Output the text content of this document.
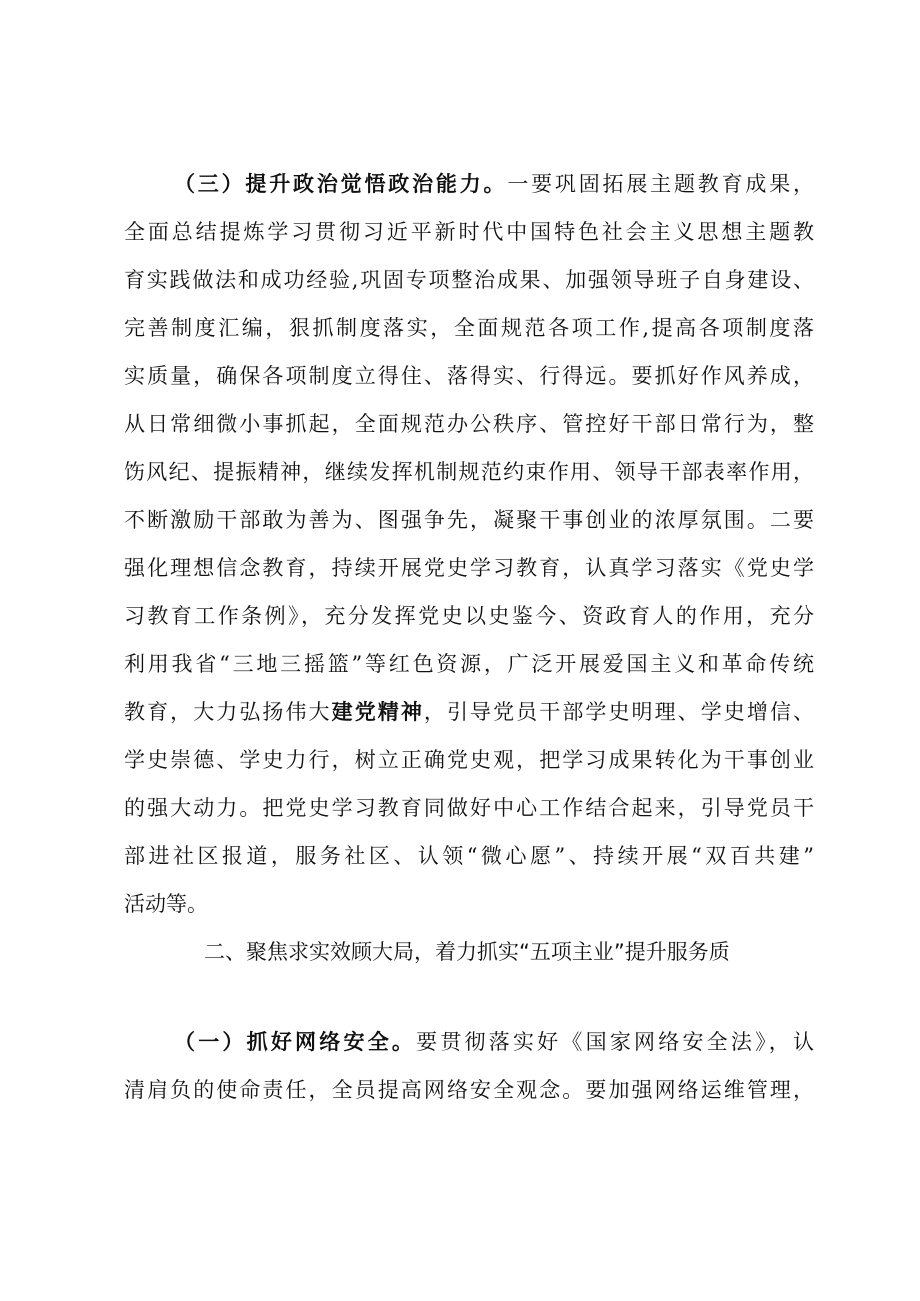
（三）提升政治觉悟政治能力。一要巩固拓展主题教育成果，
全面总结提炼学习贯彻习近平新时代中国特色社会主义思想主题教
育实践做法和成功经验,巩固专项整治成果、加强领导班子自身建设、
完善制度汇编，狠抓制度落实，全面规范各项工作,提高各项制度落
实质量，确保各项制度立得住、落得实、行得远。要抓好作风养成，
从日常细微小事抓起，全面规范办公秩序、管控好干部日常行为，整
饬风纪、提振精神，继续发挥机制规范约束作用、领导干部表率作用，
不断激励干部敢为善为、图强争先，凝聚干事创业的浓厚氛围。二要
强化理想信念教育，持续开展党史学习教育，认真学习落实《党史学
习教育工作条例》，充分发挥党史以史鉴今、资政育人的作用，充分
利用我省“三地三摇篮”等红色资源，广泛开展爱国主义和革命传统
教育，大力弘扬伟大建党精神，引导党员干部学史明理、学史增信、
学史崇德、学史力行，树立正确党史观，把学习成果转化为干事创业
的强大动力。把党史学习教育同做好中心工作结合起来，引导党员干
部进社区报道，服务社区、认领“微心愿”、持续开展“双百共建”
活动等。
二、聚焦求实效顾大局，着力抓实“五项主业”提升服务质
（一）抓好网络安全。要贯彻落实好《国家网络安全法》，认
清肩负的使命责任，全员提高网络安全观念。要加强网络运维管理，
